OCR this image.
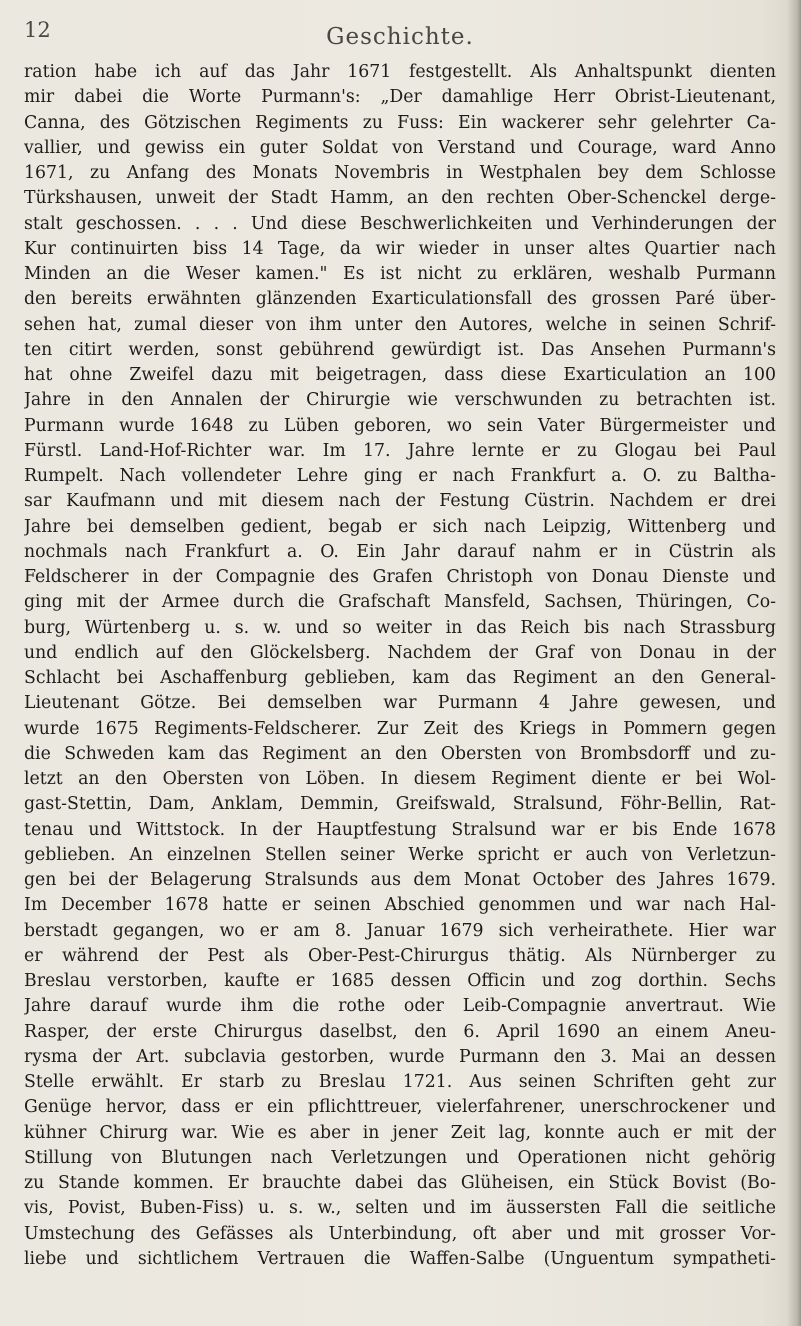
12	Geschichte.
ration habe ich auf das Jahr 1671 festgestellt. Als Anhaltspunkt dienten
mir dabei die Worte Purmann's: „Der damahlige Herr Obrist-Lieutenant,
Canna, des Götzischen Regiments zu Fuss: Ein wackerer sehr gelehrter Ca-
vallier, und gewiss ein guter Soldat von Verstand und Courage, ward Anno
1671, zu Anfang des Monats Novembris in Westphalen bey dem Schlosse
Türkshausen, unweit der Stadt Hamm, an den rechten Ober-Schenckel derge-
stalt geschossen. . . . Und diese Beschwerlichkeiten und Verhinderungen der
Kur continuirten biss 14 Tage, da wir wieder in unser altes Quartier nach
Minden an die Weser kamen." Es ist nicht zu erklären, weshalb Purmann
den bereits erwähnten glänzenden Exarticulationsfall des grossen Paré über-
sehen hat, zumal dieser von ihm unter den Autores, welche in seinen Schrif-
ten citirt werden, sonst gebührend gewürdigt ist. Das Ansehen Purmann's
hat ohne Zweifel dazu mit beigetragen, dass diese Exarticulation an 100
Jahre in den Annalen der Chirurgie wie verschwunden zu betrachten ist.
Purmann wurde 1648 zu Lüben geboren, wo sein Vater Bürgermeister und
Fürstl. Land-Hof-Richter war. Im 17. Jahre lernte er zu Glogau bei Paul
Rumpelt. Nach vollendeter Lehre ging er nach Frankfurt a. O. zu Baltha-
sar Kaufmann und mit diesem nach der Festung Cüstrin. Nachdem er drei
Jahre bei demselben gedient, begab er sich nach Leipzig, Wittenberg und
nochmals nach Frankfurt a. O. Ein Jahr darauf nahm er in Cüstrin als
Feldscherer in der Compagnie des Grafen Christoph von Donau Dienste und
ging mit der Armee durch die Grafschaft Mansfeld, Sachsen, Thüringen, Co-
burg, Würtenberg u. s. w. und so weiter in das Reich bis nach Strassburg
und endlich auf den Glöckelsberg. Nachdem der Graf von Donau in der
Schlacht bei Aschaffenburg geblieben, kam das Regiment an den General-
Lieutenant Götze. Bei demselben war Purmann 4 Jahre gewesen, und
wurde 1675 Regiments-Feldscherer. Zur Zeit des Kriegs in Pommern gegen
die Schweden kam das Regiment an den Obersten von Brombsdorff und zu-
letzt an den Obersten von Löben. In diesem Regiment diente er bei Wol-
gast-Stettin, Dam, Anklam, Demmin, Greifswald, Stralsund, Föhr-Bellin, Rat-
tenau und Wittstock. In der Hauptfestung Stralsund war er bis Ende 1678
geblieben. An einzelnen Stellen seiner Werke spricht er auch von Verletzun-
gen bei der Belagerung Stralsunds aus dem Monat October des Jahres 1679.
Im December 1678 hatte er seinen Abschied genommen und war nach Hal-
berstadt gegangen, wo er am 8. Januar 1679 sich verheirathete. Hier war
er während der Pest als Ober-Pest-Chirurgus thätig. Als Nürnberger zu
Breslau verstorben, kaufte er 1685 dessen Officin und zog dorthin. Sechs
Jahre darauf wurde ihm die rothe oder Leib-Compagnie anvertraut. Wie
Rasper, der erste Chirurgus daselbst, den 6. April 1690 an einem Aneu-
rysma der Art. subclavia gestorben, wurde Purmann den 3. Mai an dessen
Stelle erwählt. Er starb zu Breslau 1721. Aus seinen Schriften geht zur
Genüge hervor, dass er ein pflichttreuer, vielerfahrener, unerschrockener und
kühner Chirurg war. Wie es aber in jener Zeit lag, konnte auch er mit der
Stillung von Blutungen nach Verletzungen und Operationen nicht gehörig
zu Stande kommen. Er brauchte dabei das Glüheisen, ein Stück Bovist (Bo-
vis, Povist, Buben-Fiss) u. s. w., selten und im äussersten Fall die seitliche
Umstechung des Gefässes als Unterbindung, oft aber und mit grosser Vor-
liebe und sichtlichem Vertrauen die Waffen-Salbe (Unguentum sympatheti-
